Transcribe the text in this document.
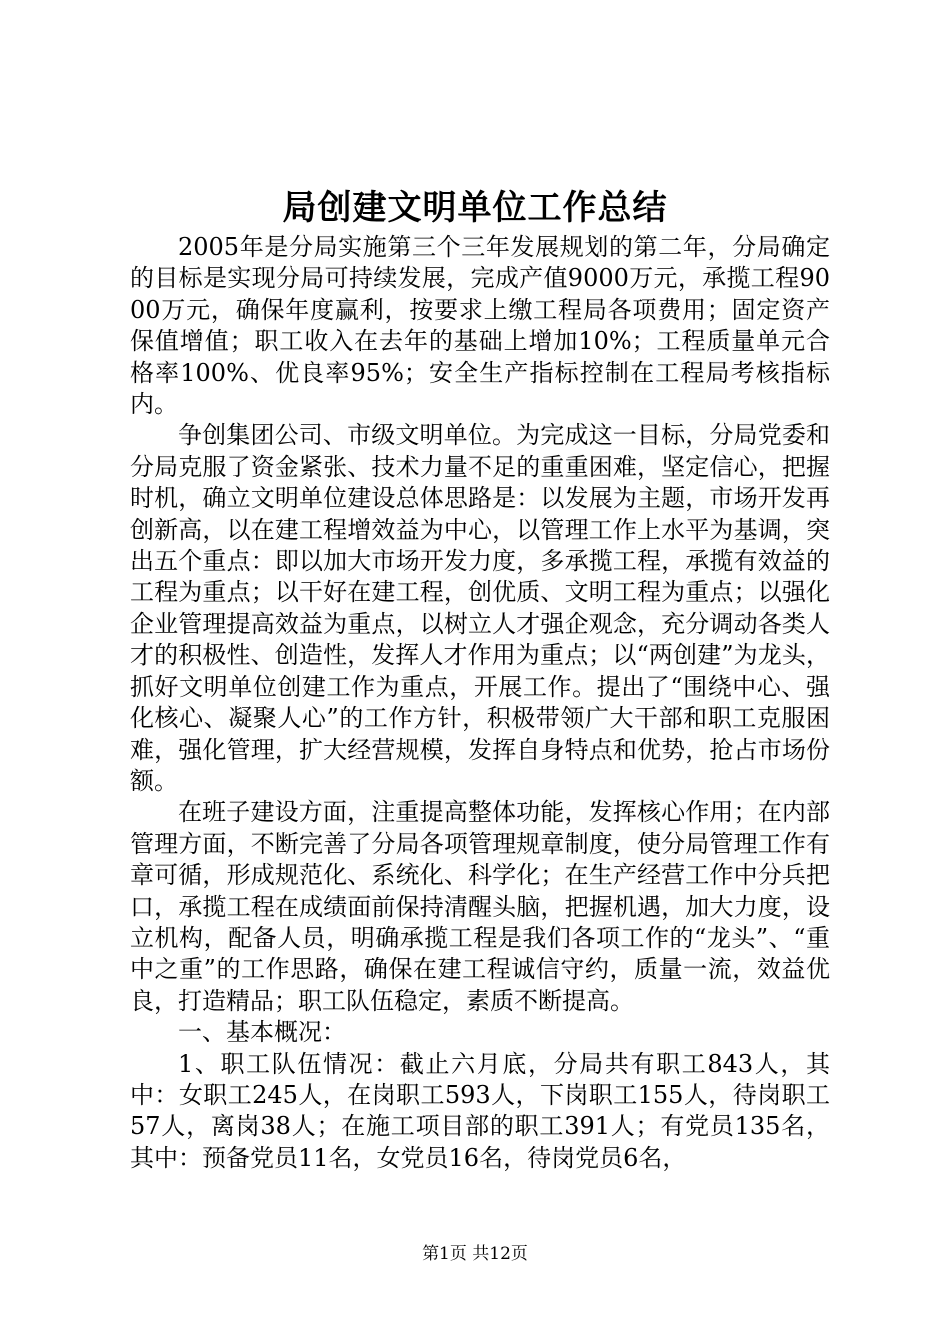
局创建文明单位工作总结

2005年是分局实施第三个三年发展规划的第二年，分局确定的目标是实现分局可持续发展，完成产值9000万元，承揽工程9000万元，确保年度赢利，按要求上缴工程局各项费用；固定资产保值增值；职工收入在去年的基础上增加10%；工程质量单元合格率100%、优良率95%；安全生产指标控制在工程局考核指标内。

争创集团公司、市级文明单位。为完成这一目标，分局党委和分局克服了资金紧张、技术力量不足的重重困难，坚定信心，把握时机，确立文明单位建设总体思路是：以发展为主题，市场开发再创新高，以在建工程增效益为中心，以管理工作上水平为基调，突出五个重点：即以加大市场开发力度，多承揽工程，承揽有效益的工程为重点；以干好在建工程，创优质、文明工程为重点；以强化企业管理提高效益为重点，以树立人才强企观念，充分调动各类人才的积极性、创造性，发挥人才作用为重点；以“两创建”为龙头，抓好文明单位创建工作为重点，开展工作。提出了“围绕中心、强化核心、凝聚人心”的工作方针，积极带领广大干部和职工克服困难，强化管理，扩大经营规模，发挥自身特点和优势，抢占市场份额。

在班子建设方面，注重提高整体功能，发挥核心作用；在内部管理方面，不断完善了分局各项管理规章制度，使分局管理工作有章可循，形成规范化、系统化、科学化；在生产经营工作中分兵把口，承揽工程在成绩面前保持清醒头脑，把握机遇，加大力度，设立机构，配备人员，明确承揽工程是我们各项工作的“龙头”、“重中之重”的工作思路，确保在建工程诚信守约，质量一流，效益优良，打造精品；职工队伍稳定，素质不断提高。

一、基本概况：

1、职工队伍情况：截止六月底，分局共有职工843人，其中：女职工245人，在岗职工593人，下岗职工155人，待岗职工57人，离岗38人；在施工项目部的职工391人；有党员135名，其中：预备党员11名，女党员16名，待岗党员6名，

第1页 共12页
